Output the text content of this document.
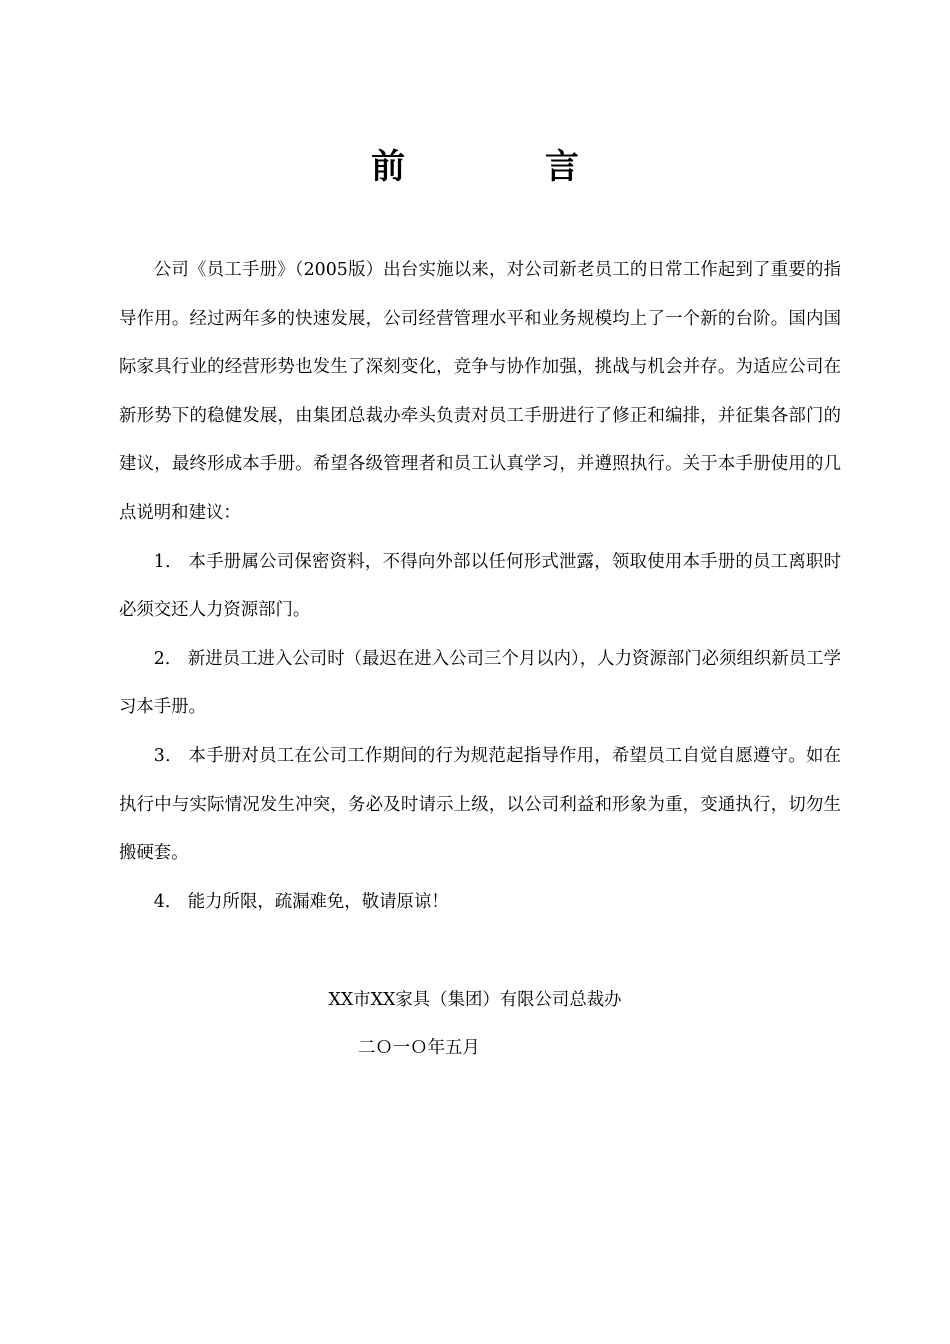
前 言

公司《员工手册》（2005版）出台实施以来，对公司新老员工的日常工作起到了重要的指导作用。经过两年多的快速发展，公司经营管理水平和业务规模均上了一个新的台阶。国内国际家具行业的经营形势也发生了深刻变化，竞争与协作加强，挑战与机会并存。为适应公司在新形势下的稳健发展，由集团总裁办牵头负责对员工手册进行了修正和编排，并征集各部门的建议，最终形成本手册。希望各级管理者和员工认真学习，并遵照执行。关于本手册使用的几点说明和建议：

1． 本手册属公司保密资料，不得向外部以任何形式泄露，领取使用本手册的员工离职时必须交还人力资源部门。

2． 新进员工进入公司时（最迟在进入公司三个月以内），人力资源部门必须组织新员工学习本手册。

3． 本手册对员工在公司工作期间的行为规范起指导作用，希望员工自觉自愿遵守。如在执行中与实际情况发生冲突，务必及时请示上级，以公司利益和形象为重，变通执行，切勿生搬硬套。

4． 能力所限，疏漏难免，敬请原谅！

XX市XX家具（集团）有限公司总裁办

二Ｏ一Ｏ年五月
